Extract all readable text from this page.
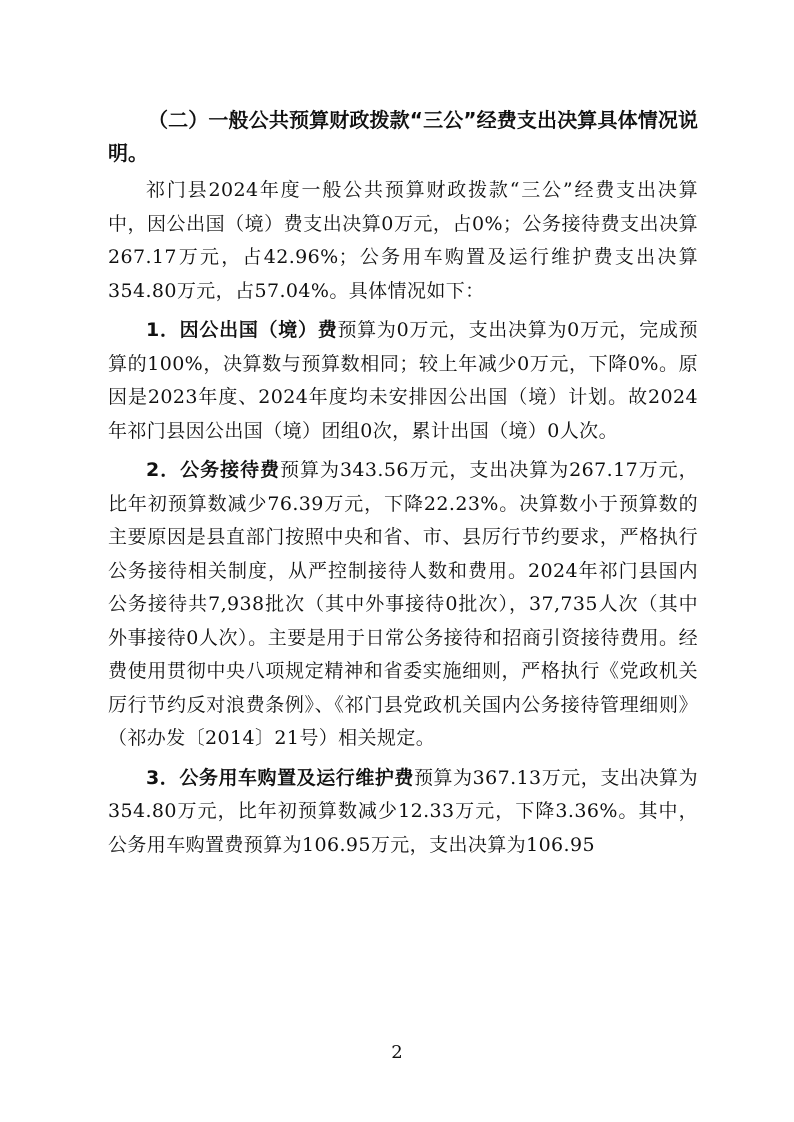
（二）一般公共预算财政拨款“三公”经费支出决算具体情况说明。

祁门县2024年度一般公共预算财政拨款“三公”经费支出决算中，因公出国（境）费支出决算0万元，占0%；公务接待费支出决算267.17万元，占42.96%；公务用车购置及运行维护费支出决算354.80万元，占57.04%。具体情况如下：

1．因公出国（境）费预算为0万元，支出决算为0万元，完成预算的100%，决算数与预算数相同；较上年减少0万元，下降0%。原因是2023年度、2024年度均未安排因公出国（境）计划。故2024年祁门县因公出国（境）团组0次，累计出国（境）0人次。

2．公务接待费预算为343.56万元，支出决算为267.17万元，比年初预算数减少76.39万元，下降22.23%。决算数小于预算数的主要原因是县直部门按照中央和省、市、县厉行节约要求，严格执行公务接待相关制度，从严控制接待人数和费用。2024年祁门县国内公务接待共7,938批次（其中外事接待0批次），37,735人次（其中外事接待0人次）。主要是用于日常公务接待和招商引资接待费用。经费使用贯彻中央八项规定精神和省委实施细则，严格执行《党政机关厉行节约反对浪费条例》、《祁门县党政机关国内公务接待管理细则》（祁办发〔2014〕21号）相关规定。

3．公务用车购置及运行维护费预算为367.13万元，支出决算为354.80万元，比年初预算数减少12.33万元，下降3.36%。其中，公务用车购置费预算为106.95万元，支出决算为106.95

2
